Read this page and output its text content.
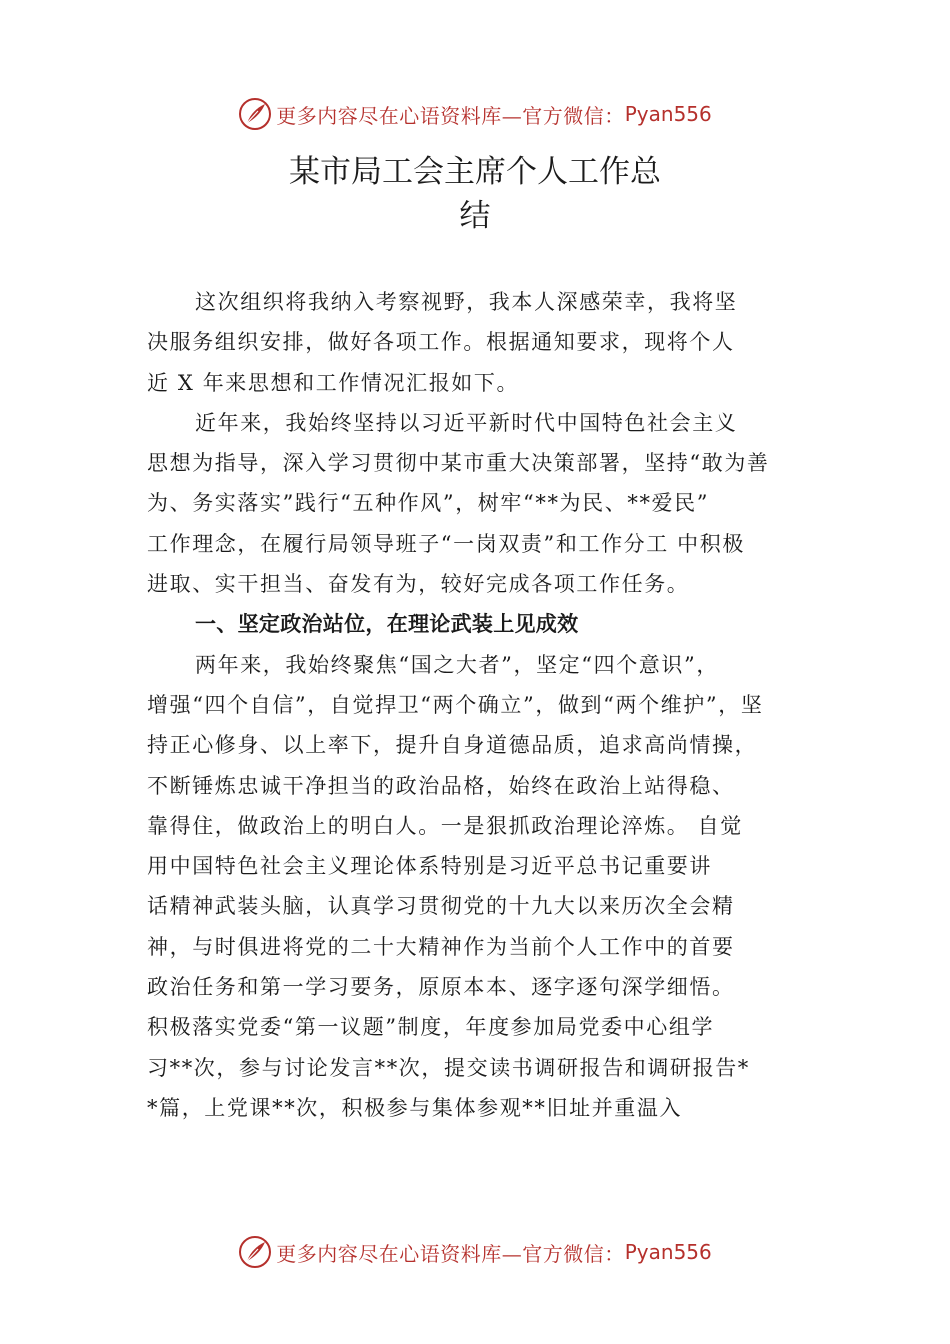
更多内容尽在心语资料库—官方微信： Pyan556
某市局工会主席个人工作总
结
这次组织将我纳入考察视野，我本人深感荣幸，我将坚
决服务组织安排，做好各项工作。根据通知要求，现将个人
近 X 年来思想和工作情况汇报如下。
近年来，我始终坚持以习近平新时代中国特色社会主义
思想为指导，深入学习贯彻中某市重大决策部署，坚持“敢为善
为、务实落实”践行“五种作风”，树牢“**为民、**爱民”
工作理念，在履行局领导班子“一岗双责”和工作分工 中积极
进取、实干担当、奋发有为，较好完成各项工作任务。
一、坚定政治站位，在理论武装上见成效
两年来，我始终聚焦“国之大者”，坚定“四个意识”，
增强“四个自信”，自觉捍卫“两个确立”，做到“两个维护”，坚
持正心修身、以上率下，提升自身道德品质，追求高尚情操，
不断锤炼忠诚干净担当的政治品格，始终在政治上站得稳、
靠得住，做政治上的明白人。一是狠抓政治理论淬炼。 自觉
用中国特色社会主义理论体系特别是习近平总书记重要讲
话精神武装头脑，认真学习贯彻党的十九大以来历次全会精
神，与时俱进将党的二十大精神作为当前个人工作中的首要
政治任务和第一学习要务，原原本本、逐字逐句深学细悟。
积极落实党委“第一议题”制度，年度参加局党委中心组学
习**次，参与讨论发言**次，提交读书调研报告和调研报告*
*篇，上党课**次，积极参与集体参观**旧址并重温入
更多内容尽在心语资料库—官方微信： Pyan556
